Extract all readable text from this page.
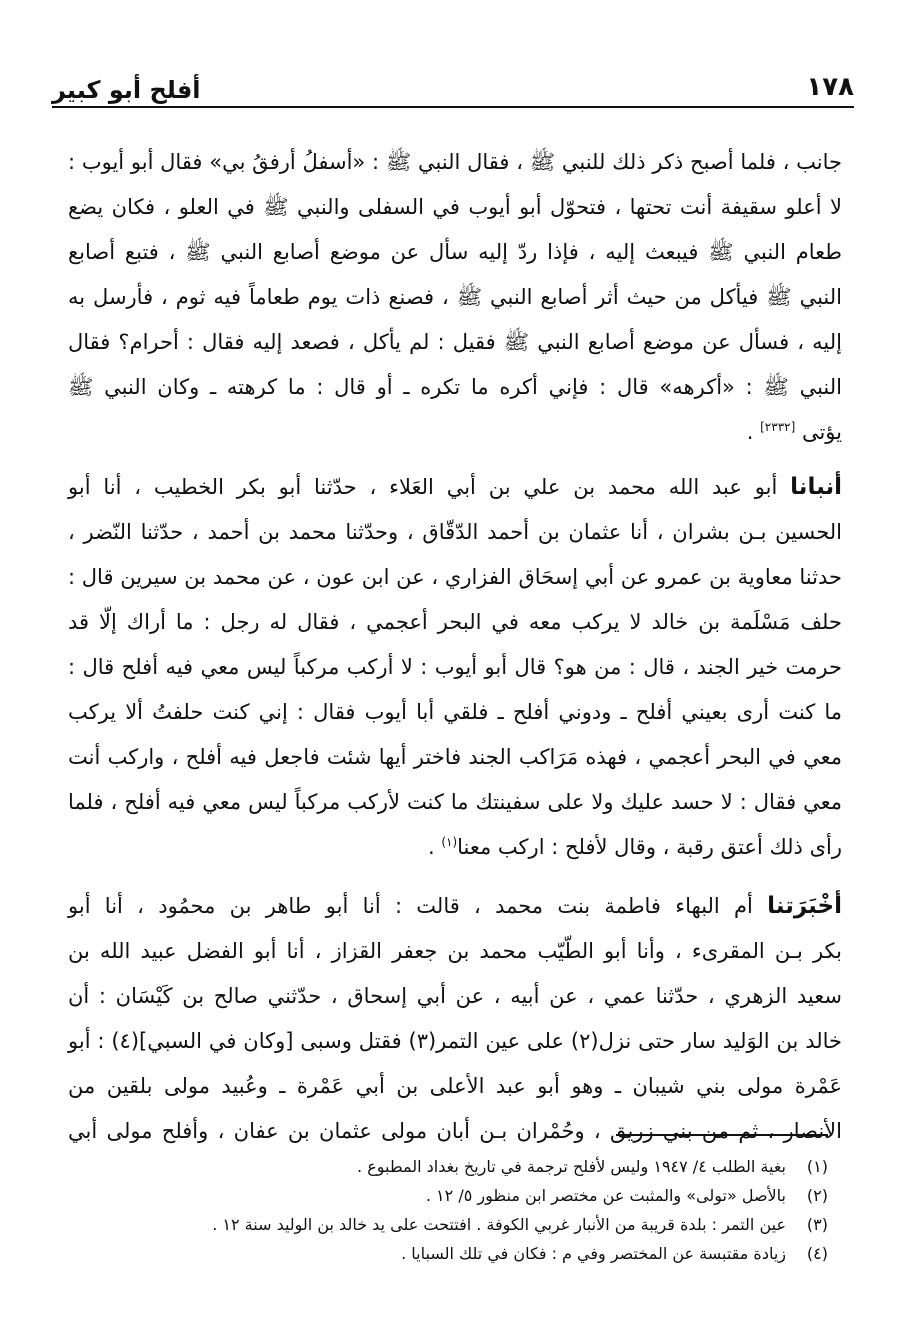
١٧٨
أفلح أبو كبير

جانب ، فلما أصبح ذكر ذلك للنبي ﷺ ، فقال النبي ﷺ : «أسفلُ أرفقُ بي» فقال أبو أيوب :

لا أعلو سقيفة أنت تحتها ، فتحوّل أبو أيوب في السفلى والنبي ﷺ في العلو ، فكان يضع

طعام النبي ﷺ فيبعث إليه ، فإذا ردّ إليه سأل عن موضع أصابع النبي ﷺ ، فتبع أصابع

النبي ﷺ فيأكل من حيث أثر أصابع النبي ﷺ ، فصنع ذات يوم طعاماً فيه ثوم ، فأرسل به

إليه ، فسأل عن موضع أصابع النبي ﷺ فقيل : لم يأكل ، فصعد إليه فقال : أحرام؟ فقال

النبي ﷺ : «أكرهه» قال : فإني أكره ما تكره ـ أو قال : ما كرهته ـ وكان النبي ﷺ

يؤتى [٢٣٣٢] .

أنبانا أبو عبد الله محمد بن علي بن أبي العَلاء ، حدّثنا أبو بكر الخطيب ، أنا أبو

الحسين بـن بشران ، أنا عثمان بن أحمد الدّقّاق ، وحدّثنا محمد بن أحمد ، حدّثنا النّضر ،

حدثنا معاوية بن عمرو عن أبي إسحَاق الفزاري ، عن ابن عون ، عن محمد بن سيرين قال :

حلف مَسْلَمة بن خالد لا يركب معه في البحر أعجمي ، فقال له رجل : ما أراك إلّا قد

حرمت خير الجند ، قال : من هو؟ قال أبو أيوب : لا أركب مركباً ليس معي فيه أفلح قال :

ما كنت أرى بعيني أفلح ـ ودوني أفلح ـ فلقي أبا أيوب فقال : إني كنت حلفتُ ألا يركب

معي في البحر أعجمي ، فهذه مَرَاكب الجند فاختر أيها شئت فاجعل فيه أفلح ، واركب أنت

معي فقال : لا حسد عليك ولا على سفينتك ما كنت لأركب مركباً ليس معي فيه أفلح ، فلما

رأى ذلك أعتق رقبة ، وقال لأفلح : اركب معنا$^{(١)}$ .

أخْبَرَتنا أم البهاء فاطمة بنت محمد ، قالت : أنا أبو طاهر بن محمُود ، أنا أبو

بكر بـن المقرىء ، وأنا أبو الطّيّب محمد بن جعفر القزاز ، أنا أبو الفضل عبيد الله بن

سعيد الزهري ، حدّثنا عمي ، عن أبيه ، عن أبي إسحاق ، حدّثني صالح بن كَيْسَان : أن

خالد بن الوَليد سار حتى نزل(٢) على عين التمر(٣) فقتل وسبى [وكان في السبي](٤) : أبو

عَمْرة مولى بني شيبان ـ وهو أبو عبد الأعلى بن أبي عَمْرة ـ وعُبيد مولى بلقين من

الأنصار ، ثم من بني زريق ، وحُمْران بـن أبان مولى عثمان بن عفان ، وأفلح مولى أبي

(١)
بغية الطلب ٤/ ١٩٤٧ وليس لأفلح ترجمة في تاريخ بغداد المطبوع .
(٢)
بالأصل «تولى» والمثبت عن مختصر ابن منظور ٥/ ١٢ .
(٣)
عين التمر : بلدة قريبة من الأنبار غربي الكوفة . افتتحت على يد خالد بن الوليد سنة ١٢ .
(٤)
زيادة مقتبسة عن المختصر وفي م : فكان في تلك السبايا .
